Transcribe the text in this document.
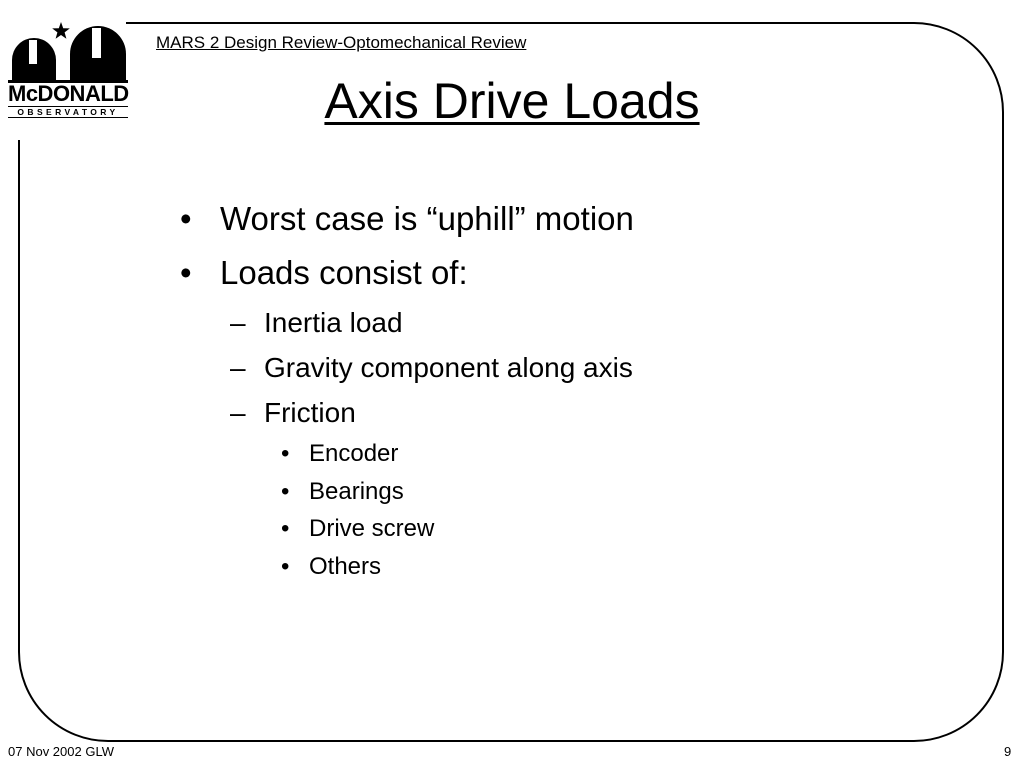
McDONALD
OBSERVATORY
MARS 2 Design Review-Optomechanical Review
Axis Drive Loads
• Worst case is “uphill” motion
• Loads consist of:
– Inertia load
– Gravity component along axis
– Friction
• Encoder
• Bearings
• Drive screw
• Others
07 Nov 2002 GLW	9
